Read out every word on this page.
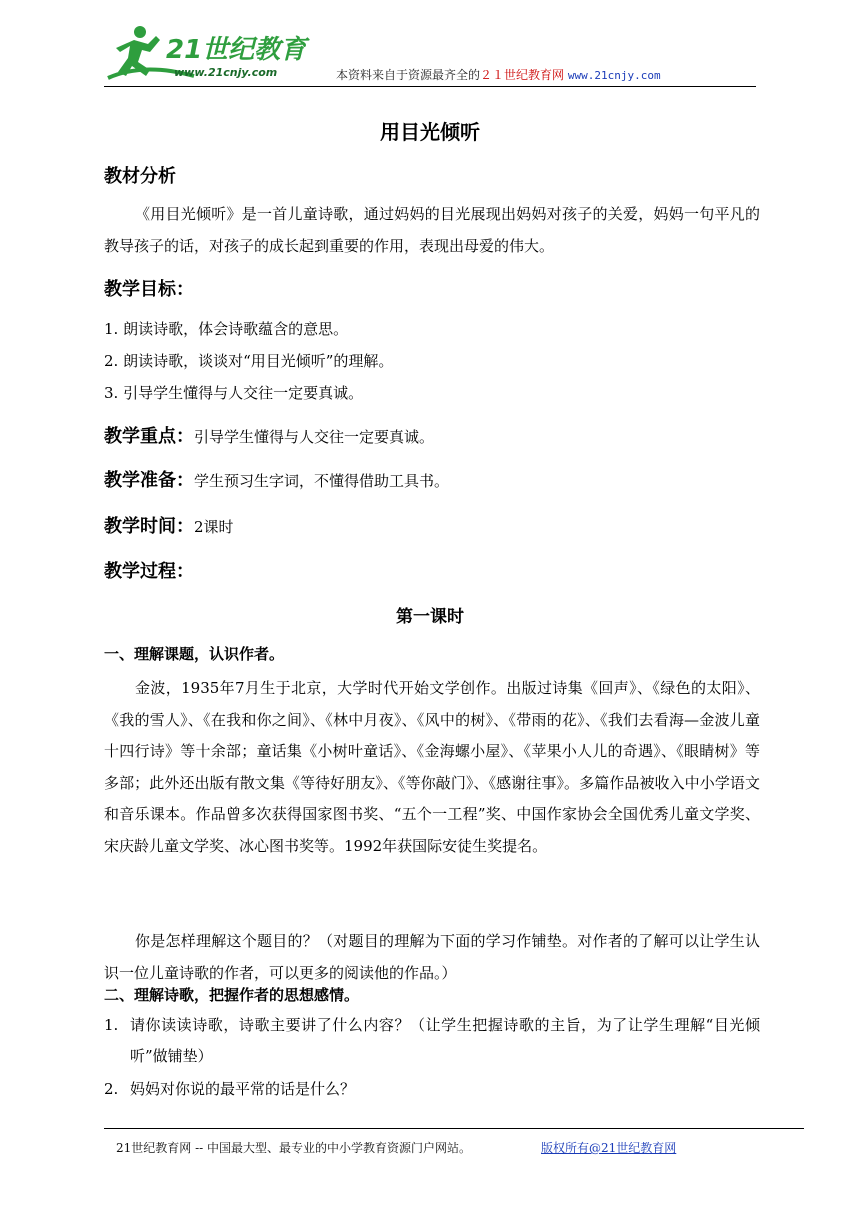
21世纪教育
www.21cnjy.com	本资料来自于资源最齐全的２１世纪教育网 www.21cnjy.com
用目光倾听
教材分析
《用目光倾听》是一首儿童诗歌，通过妈妈的目光展现出妈妈对孩子的关爱，妈妈一句平凡的教导孩子的话，对孩子的成长起到重要的作用，表现出母爱的伟大。
教学目标：
1. 朗读诗歌，体会诗歌蕴含的意思。
2. 朗读诗歌，谈谈对“用目光倾听”的理解。
3. 引导学生懂得与人交往一定要真诚。
教学重点：引导学生懂得与人交往一定要真诚。
教学准备：学生预习生字词，不懂得借助工具书。
教学时间：2课时
教学过程：
第一课时
一、理解课题，认识作者。
金波，1935年7月生于北京，大学时代开始文学创作。出版过诗集《回声》、《绿色的太阳》、《我的雪人》、《在我和你之间》、《林中月夜》、《风中的树》、《带雨的花》、《我们去看海—金波儿童十四行诗》等十余部；童话集《小树叶童话》、《金海螺小屋》、《苹果小人儿的奇遇》、《眼睛树》等多部；此外还出版有散文集《等待好朋友》、《等你敲门》、《感谢往事》。多篇作品被收入中小学语文和音乐课本。作品曾多次获得国家图书奖、“五个一工程”奖、中国作家协会全国优秀儿童文学奖、宋庆龄儿童文学奖、冰心图书奖等。1992年获国际安徒生奖提名。
你是怎样理解这个题目的？（对题目的理解为下面的学习作铺垫。对作者的了解可以让学生认识一位儿童诗歌的作者，可以更多的阅读他的作品。）
二、理解诗歌，把握作者的思想感情。
1. 请你读读诗歌，诗歌主要讲了什么内容？（让学生把握诗歌的主旨，为了让学生理解“目光倾听”做铺垫）
2. 妈妈对你说的最平常的话是什么？
21世纪教育网 -- 中国最大型、最专业的中小学教育资源门户网站。	版权所有@21世纪教育网
